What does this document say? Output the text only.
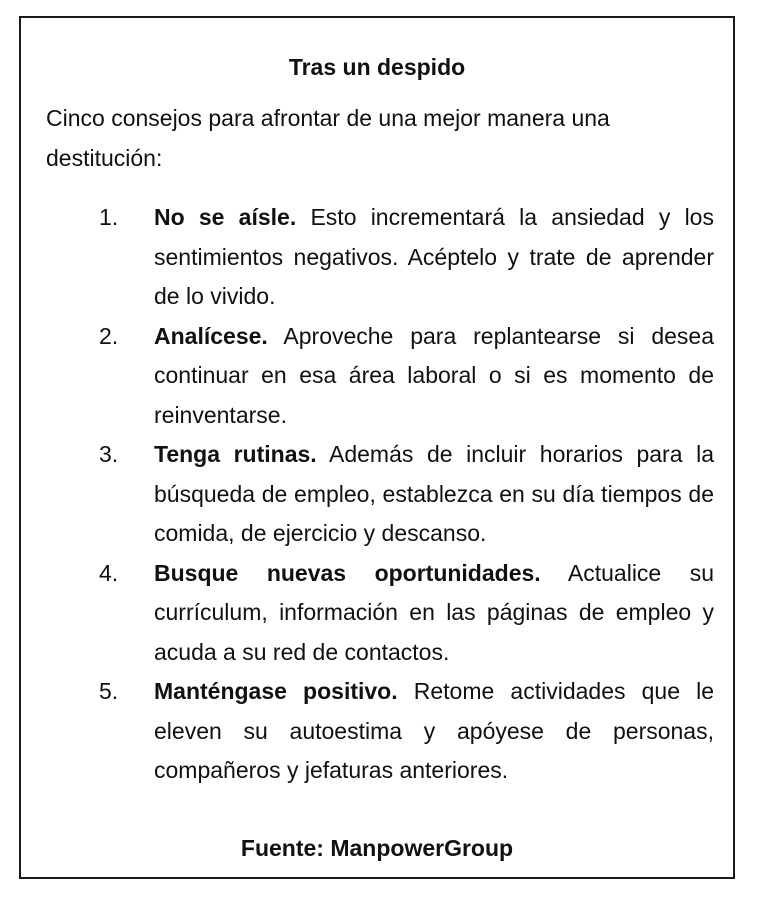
Tras un despido

Cinco consejos para afrontar de una mejor manera una destitución:

1. No se aísle. Esto incrementará la ansiedad y los sentimientos negativos. Acéptelo y trate de aprender de lo vivido.
2. Analícese. Aproveche para replantearse si desea continuar en esa área laboral o si es momento de reinventarse.
3. Tenga rutinas. Además de incluir horarios para la búsqueda de empleo, establezca en su día tiempos de comida, de ejercicio y descanso.
4. Busque nuevas oportunidades. Actualice su currículum, información en las páginas de empleo y acuda a su red de contactos.
5. Manténgase positivo. Retome actividades que le eleven su autoestima y apóyese de personas, compañeros y jefaturas anteriores.

Fuente: ManpowerGroup
